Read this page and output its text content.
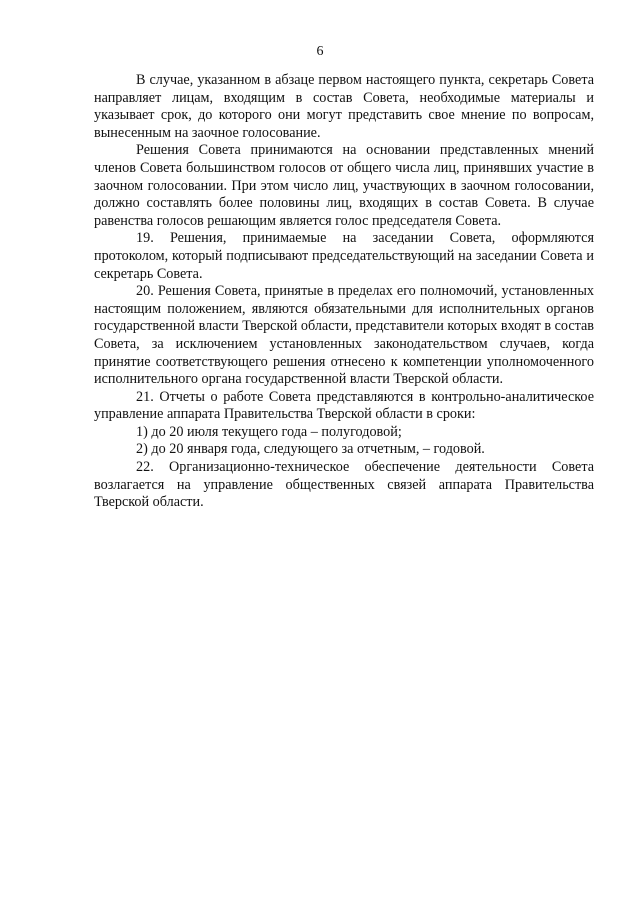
6

В случае, указанном в абзаце первом настоящего пункта, секретарь Совета направляет лицам, входящим в состав Совета, необходимые материалы и указывает срок, до которого они могут представить свое мнение по вопросам, вынесенным на заочное голосование.

Решения Совета принимаются на основании представленных мнений членов Совета большинством голосов от общего числа лиц, принявших участие в заочном голосовании. При этом число лиц, участвующих в заочном голосовании, должно составлять более половины лиц, входящих в состав Совета. В случае равенства голосов решающим является голос председателя Совета.

19. Решения, принимаемые на заседании Совета, оформляются протоколом, который подписывают председательствующий на заседании Совета и секретарь Совета.

20. Решения Совета, принятые в пределах его полномочий, установленных настоящим положением, являются обязательными для исполнительных органов государственной власти Тверской области, представители которых входят в состав Совета, за исключением установленных законодательством случаев, когда принятие соответствующего решения отнесено к компетенции уполномоченного исполнительного органа государственной власти Тверской области.

21. Отчеты о работе Совета представляются в контрольно-аналитическое управление аппарата Правительства Тверской области в сроки:

1) до 20 июля текущего года – полугодовой;

2) до 20 января года, следующего за отчетным, – годовой.

22. Организационно-техническое обеспечение деятельности Совета возлагается на управление общественных связей аппарата Правительства Тверской области.
